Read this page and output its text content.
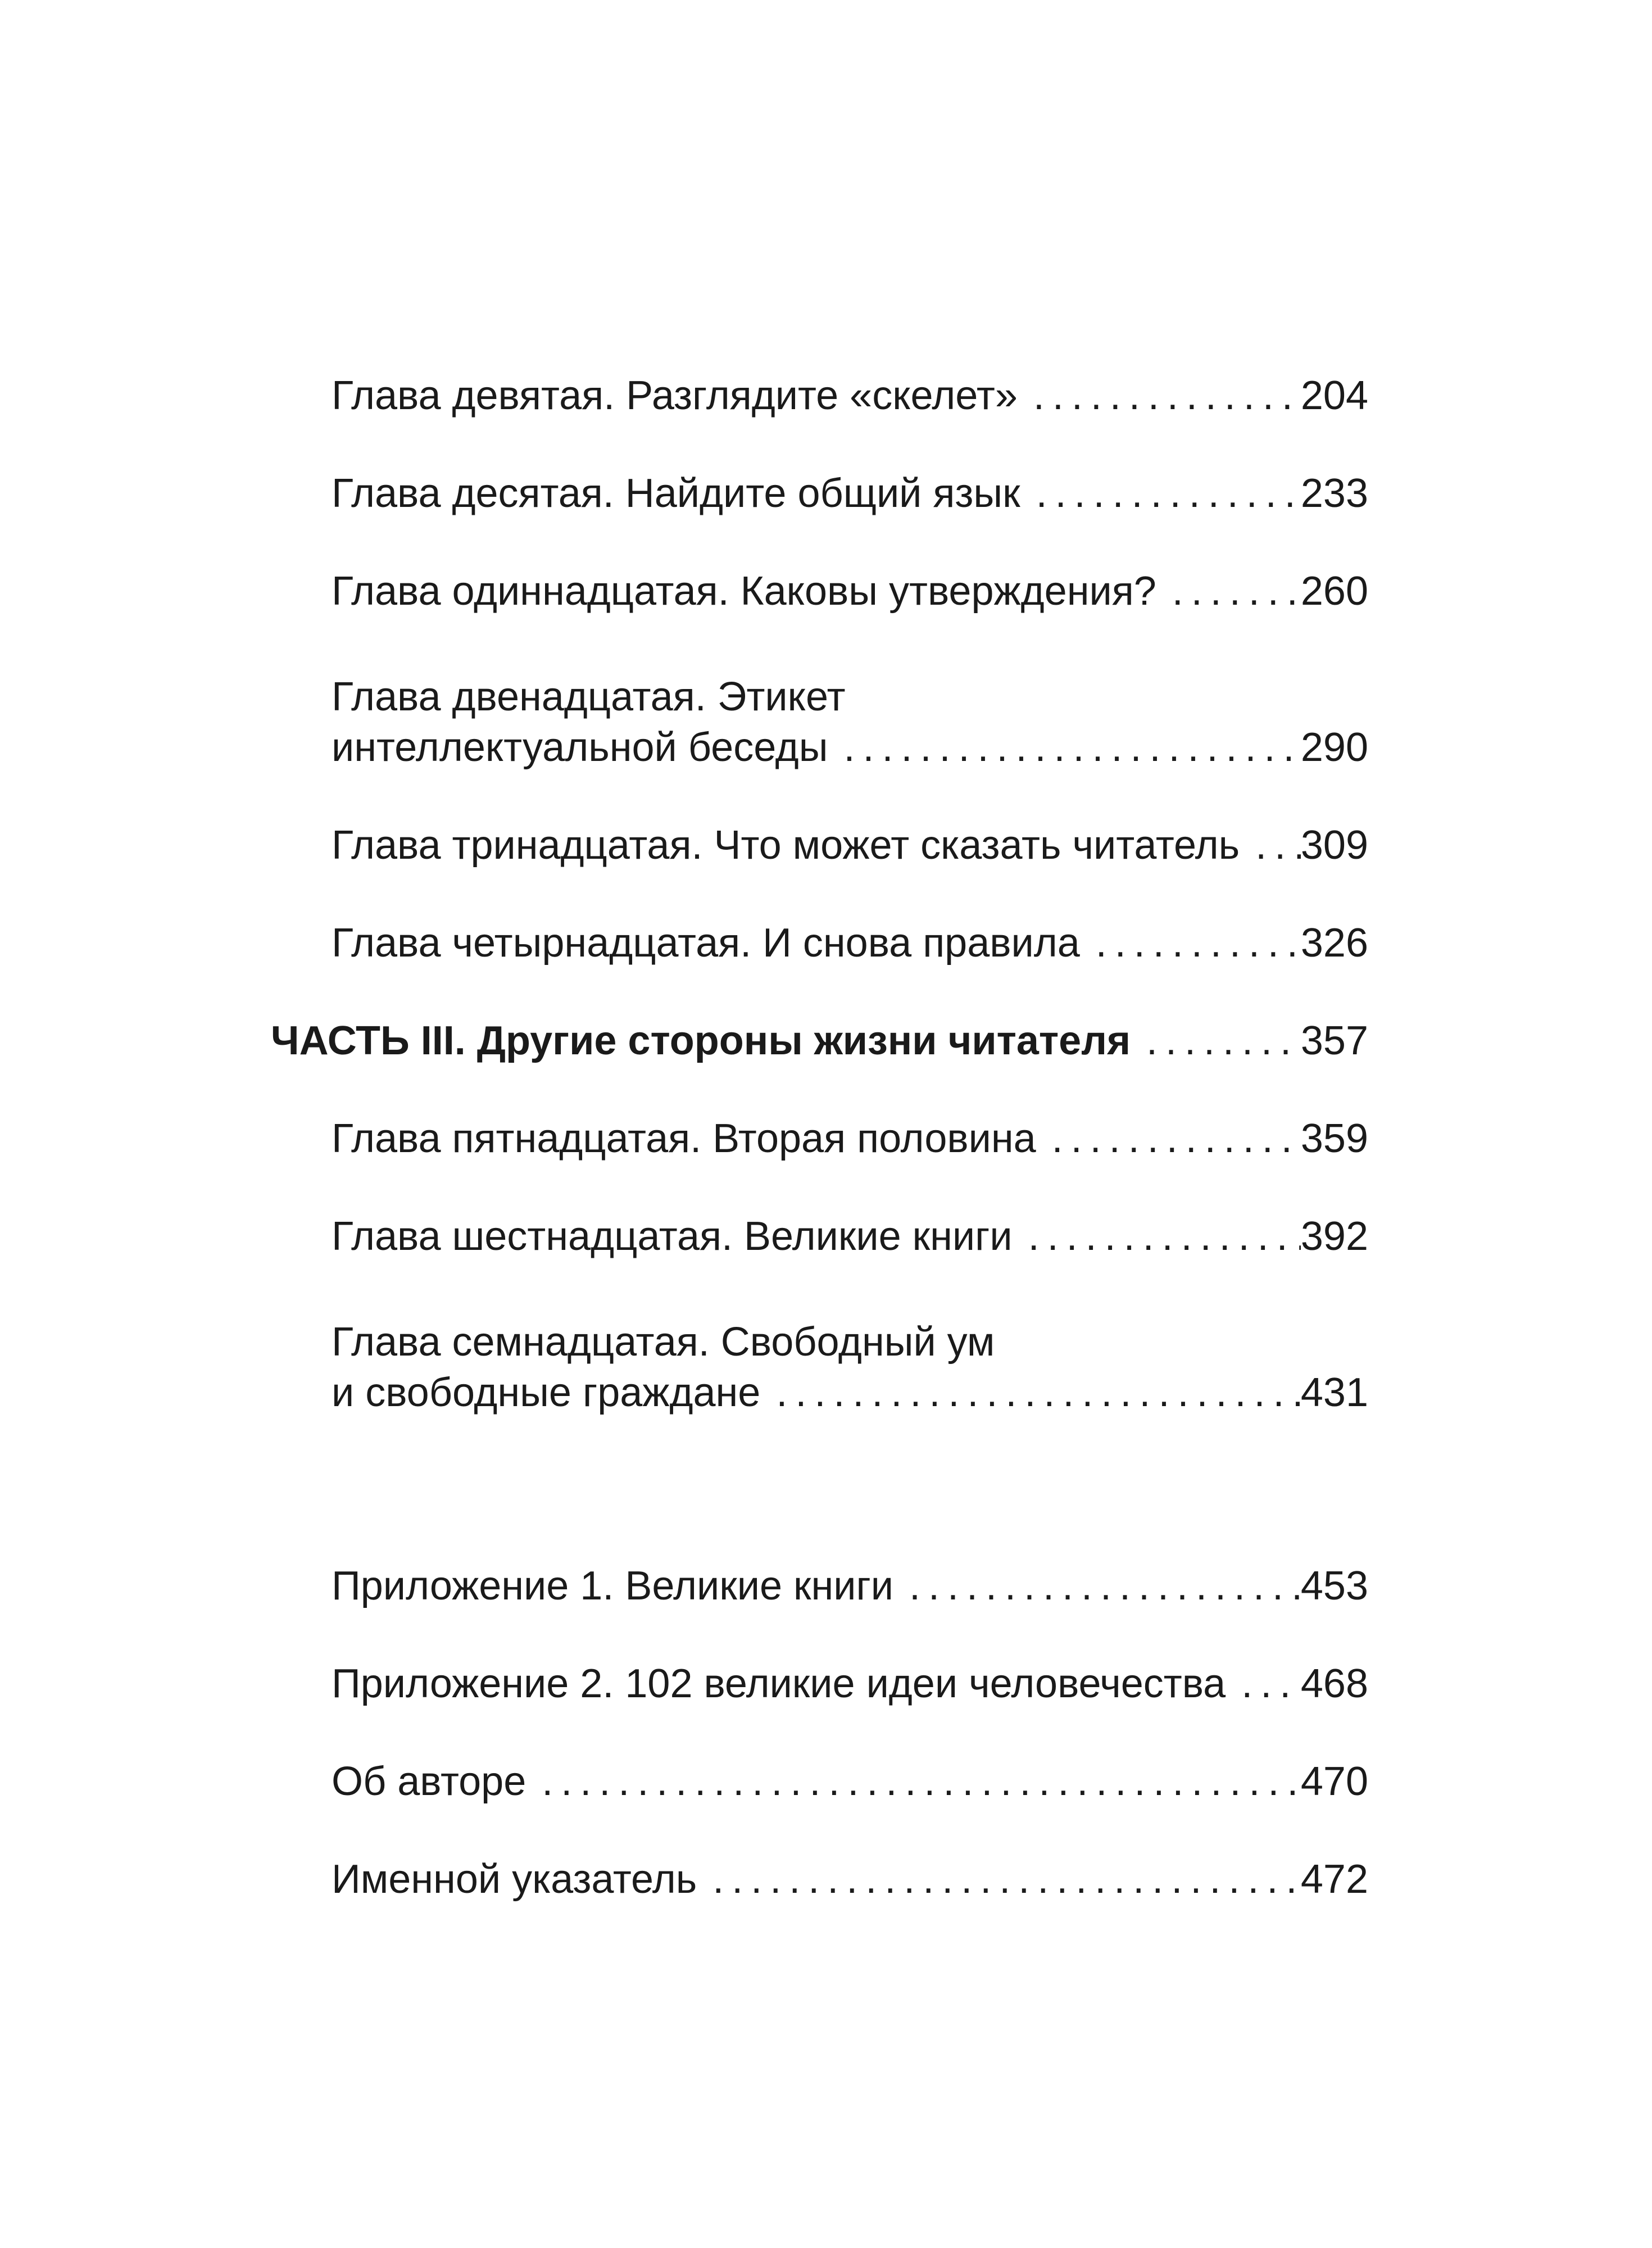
Глава девятая. Разглядите «скелет» .....	204
Глава десятая. Найдите общий язык .....	233
Глава одиннадцатая. Каковы утверждения? .....	260
Глава двенадцатая. Этикет
интеллектуальной беседы .....	290
Глава тринадцатая. Что может сказать читатель ..... 309
Глава четырнадцатая. И снова правила .....	326
ЧАСТЬ III. Другие стороны жизни читателя .....	357
Глава пятнадцатая. Вторая половина .....	359
Глава шестнадцатая. Великие книги .....	392
Глава семнадцатая. Свободный ум
и свободные граждане .....	431
Приложение 1. Великие книги .....	453
Приложение 2. 102 великие идеи человечества ..... 468
Об авторе .....	470
Именной указатель .....	472
